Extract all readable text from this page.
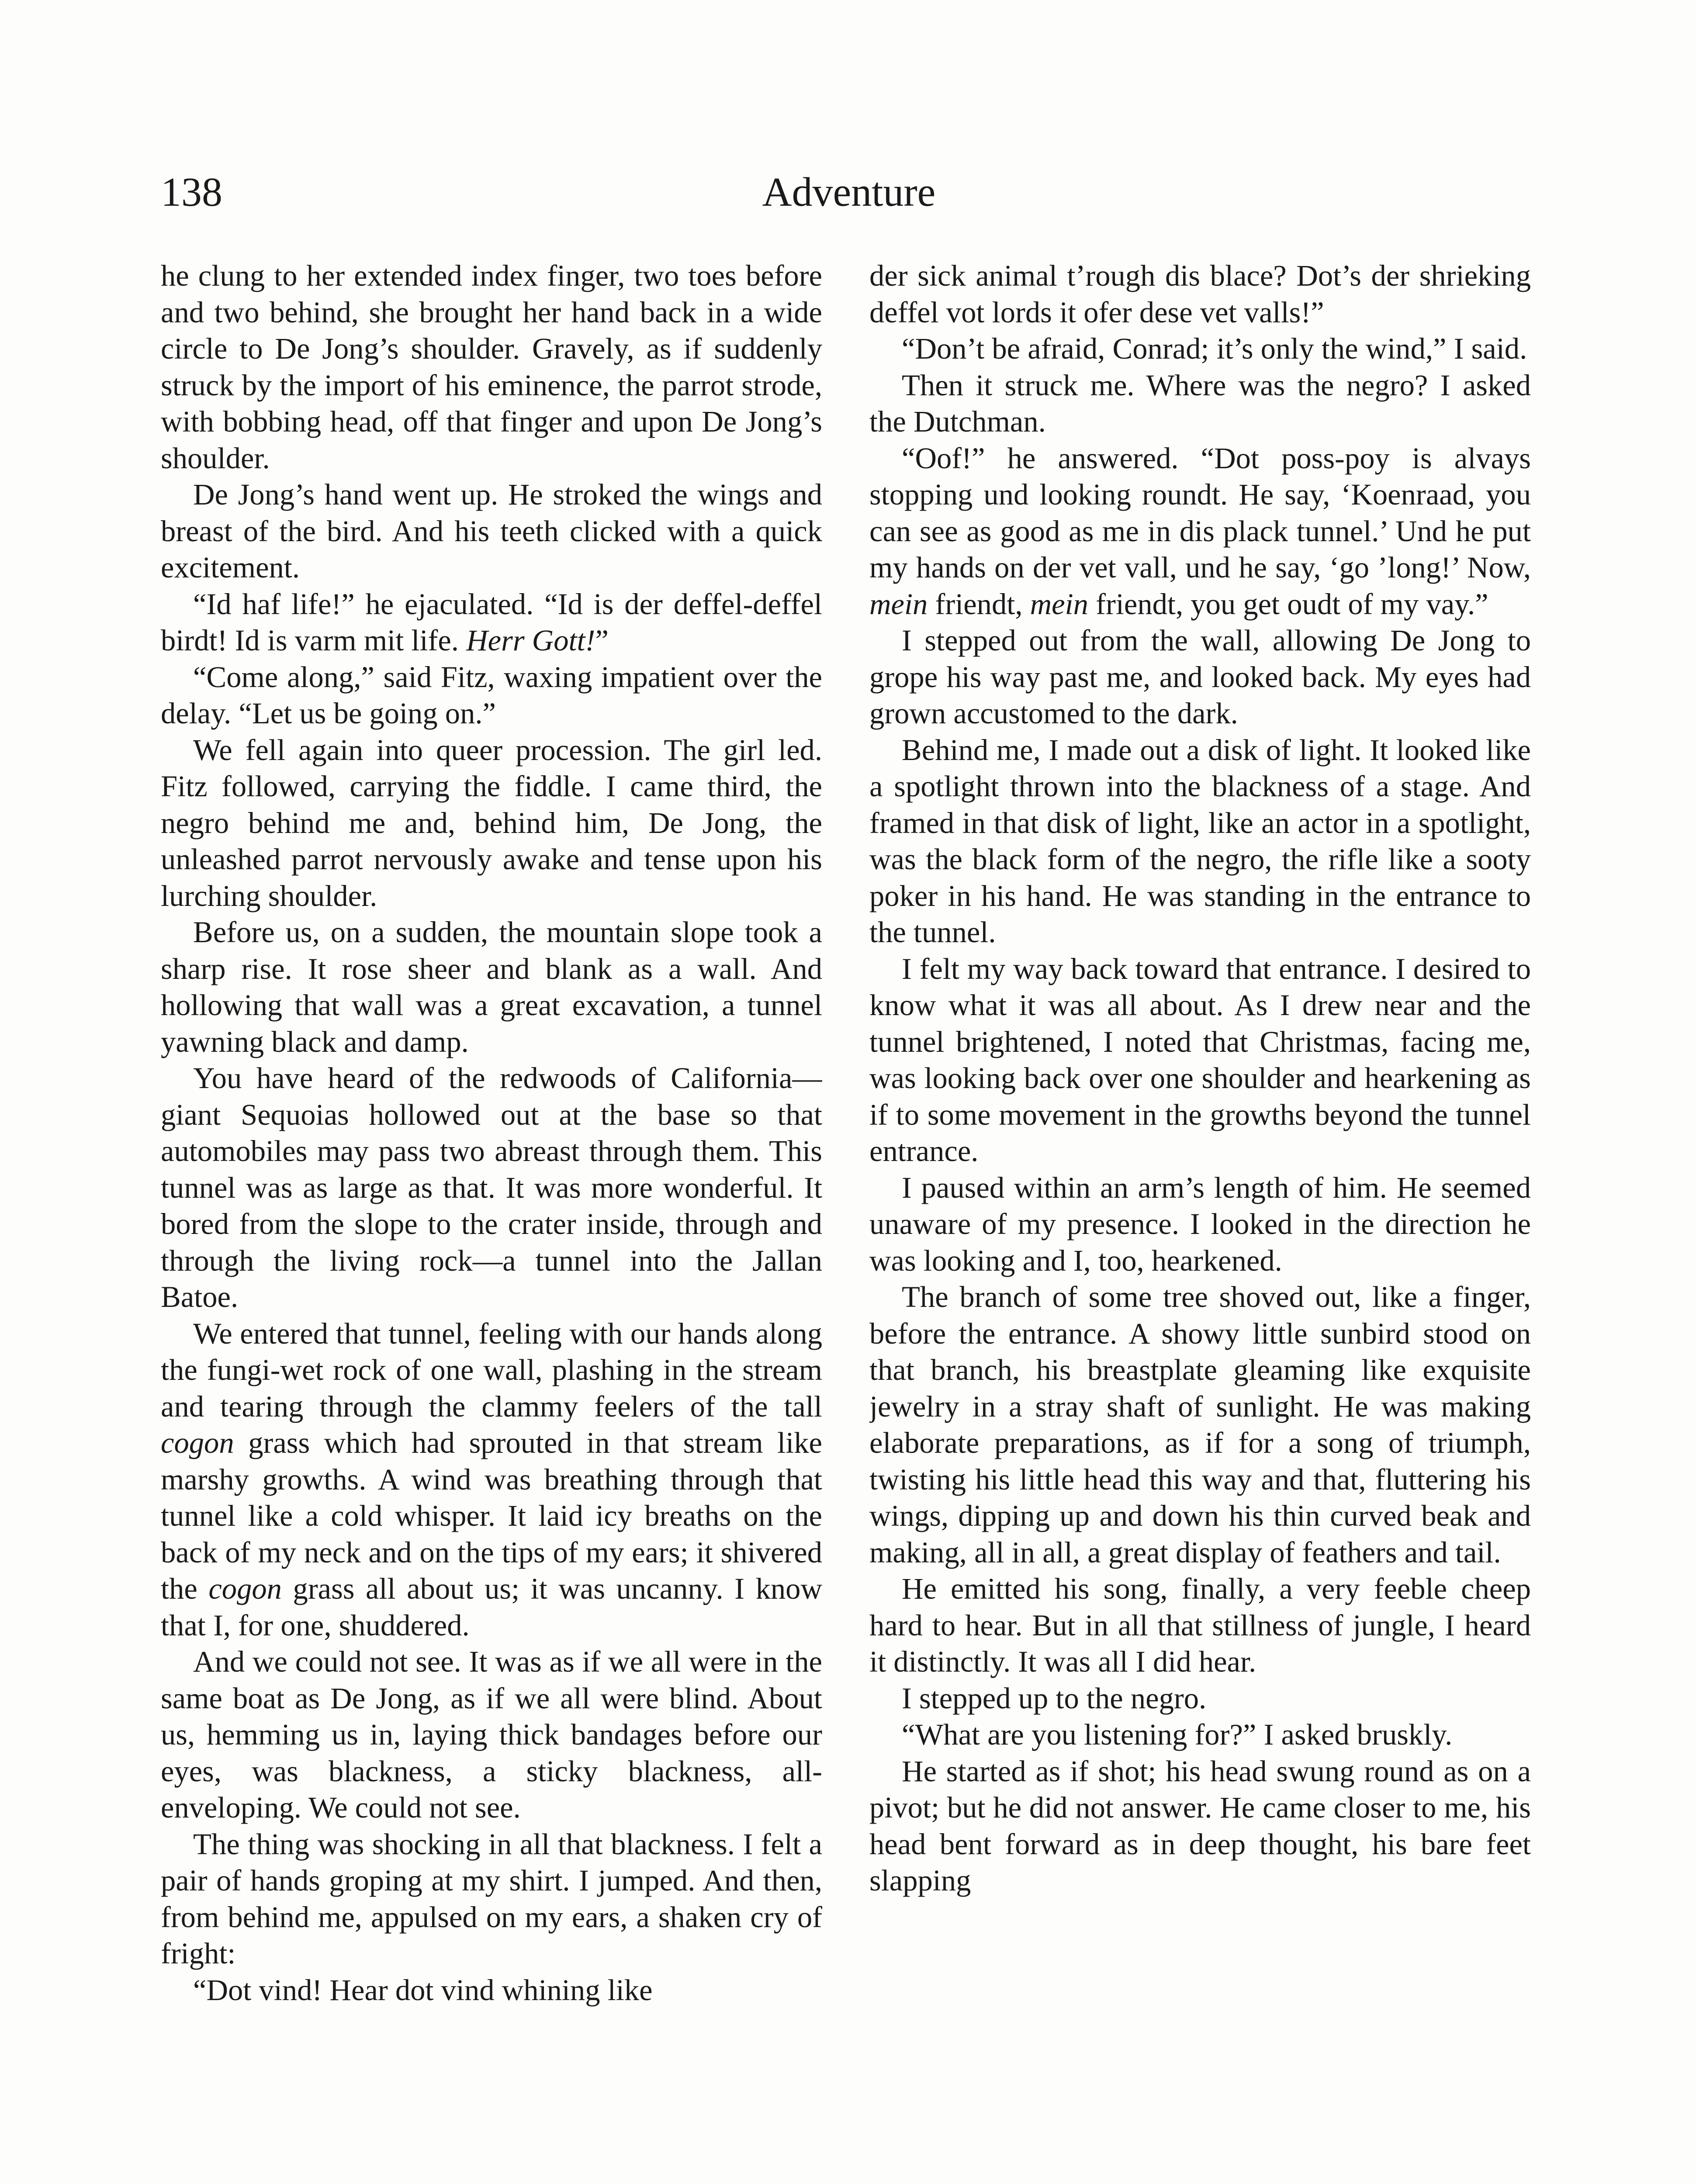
138	Adventure

he clung to her extended index finger, two toes before and two behind, she brought her hand back in a wide circle to De Jong’s shoulder. Gravely, as if suddenly struck by the import of his eminence, the parrot strode, with bobbing head, off that finger and upon De Jong’s shoulder.

De Jong’s hand went up. He stroked the wings and breast of the bird. And his teeth clicked with a quick excitement.

“Id haf life!” he ejaculated. “Id is der deffel-deffel birdt! Id is varm mit life. Herr Gott!”

“Come along,” said Fitz, waxing impatient over the delay. “Let us be going on.”

We fell again into queer procession. The girl led. Fitz followed, carrying the fiddle. I came third, the negro behind me and, behind him, De Jong, the unleashed parrot nervously awake and tense upon his lurching shoulder.

Before us, on a sudden, the mountain slope took a sharp rise. It rose sheer and blank as a wall. And hollowing that wall was a great excavation, a tunnel yawning black and damp.

You have heard of the redwoods of California—giant Sequoias hollowed out at the base so that automobiles may pass two abreast through them. This tunnel was as large as that. It was more wonderful. It bored from the slope to the crater inside, through and through the living rock—a tunnel into the Jallan Batoe.

We entered that tunnel, feeling with our hands along the fungi-wet rock of one wall, plashing in the stream and tearing through the clammy feelers of the tall cogon grass which had sprouted in that stream like marshy growths. A wind was breathing through that tunnel like a cold whisper. It laid icy breaths on the back of my neck and on the tips of my ears; it shivered the cogon grass all about us; it was uncanny. I know that I, for one, shuddered.

And we could not see. It was as if we all were in the same boat as De Jong, as if we all were blind. About us, hemming us in, laying thick bandages before our eyes, was blackness, a sticky blackness, all-enveloping. We could not see.

The thing was shocking in all that blackness. I felt a pair of hands groping at my shirt. I jumped. And then, from behind me, appulsed on my ears, a shaken cry of fright:

“Dot vind! Hear dot vind whining like

der sick animal t’rough dis blace? Dot’s der shrieking deffel vot lords it ofer dese vet valls!”

“Don’t be afraid, Conrad; it’s only the wind,” I said.

Then it struck me. Where was the negro? I asked the Dutchman.

“Oof!” he answered. “Dot poss-poy is alvays stopping und looking roundt. He say, ‘Koenraad, you can see as good as me in dis plack tunnel.’ Und he put my hands on der vet vall, und he say, ‘go ’long!’ Now, mein friendt, mein friendt, you get oudt of my vay.”

I stepped out from the wall, allowing De Jong to grope his way past me, and looked back. My eyes had grown accustomed to the dark.

Behind me, I made out a disk of light. It looked like a spotlight thrown into the blackness of a stage. And framed in that disk of light, like an actor in a spotlight, was the black form of the negro, the rifle like a sooty poker in his hand. He was standing in the entrance to the tunnel.

I felt my way back toward that entrance. I desired to know what it was all about. As I drew near and the tunnel brightened, I noted that Christmas, facing me, was looking back over one shoulder and hearkening as if to some movement in the growths beyond the tunnel entrance.

I paused within an arm’s length of him. He seemed unaware of my presence. I looked in the direction he was looking and I, too, hearkened.

The branch of some tree shoved out, like a finger, before the entrance. A showy little sunbird stood on that branch, his breastplate gleaming like exquisite jewelry in a stray shaft of sunlight. He was making elaborate preparations, as if for a song of triumph, twisting his little head this way and that, fluttering his wings, dipping up and down his thin curved beak and making, all in all, a great display of feathers and tail.

He emitted his song, finally, a very feeble cheep hard to hear. But in all that stillness of jungle, I heard it distinctly. It was all I did hear.

I stepped up to the negro.

“What are you listening for?” I asked bruskly.

He started as if shot; his head swung round as on a pivot; but he did not answer. He came closer to me, his head bent forward as in deep thought, his bare feet slapping
